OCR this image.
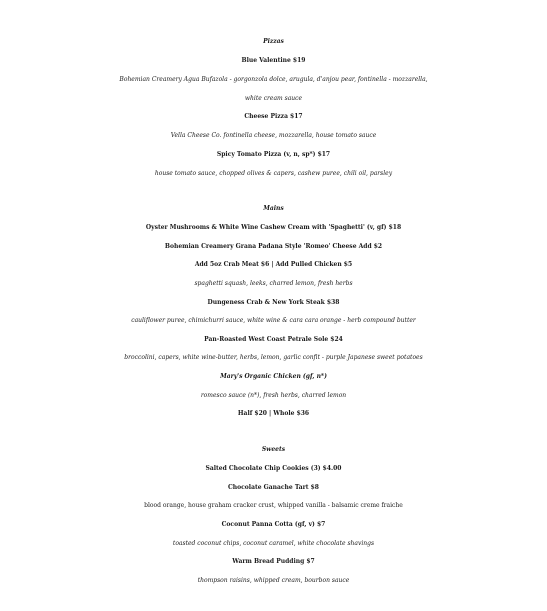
Pizzas
Blue Valentine $19
Bohemian Creamery Agua Bufazola - gorgonzola dolce, arugula, d'anjou pear, fontinella - mozzarella,
white cream sauce
Cheese Pizza $17
Vella Cheese Co. fontinella cheese, mozzarella, house tomato sauce
Spicy Tomato Pizza (v, n, sp*) $17
house tomato sauce, chopped olives & capers, cashew puree, chili oil, parsley
Mains
Oyster Mushrooms & White Wine Cashew Cream with 'Spaghetti' (v, gf) $18
Bohemian Creamery Grana Padana Style 'Romeo' Cheese Add $2
Add 5oz Crab Meat $6 | Add Pulled Chicken $5
spaghetti squash, leeks, charred lemon, fresh herbs
Dungeness Crab & New York Steak $38
cauliflower puree, chimichurri sauce, white wine & cara cara orange - herb compound butter
Pan-Roasted West Coast Petrale Sole $24
broccolini, capers, white wine-butter, herbs, lemon, garlic confit - purple Japanese sweet potatoes
Mary's Organic Chicken (gf, n*)
romesco sauce (n*), fresh herbs, charred lemon
Half $20 | Whole $36
Sweets
Salted Chocolate Chip Cookies (3) $4.00
Chocolate Ganache Tart $8
blood orange, house graham cracker crust, whipped vanilla - balsamic creme fraiche
Coconut Panna Cotta (gf, v) $7
toasted coconut chips, coconut caramel, white chocolate shavings
Warm Bread Pudding $7
thompson raisins, whipped cream, bourbon sauce
